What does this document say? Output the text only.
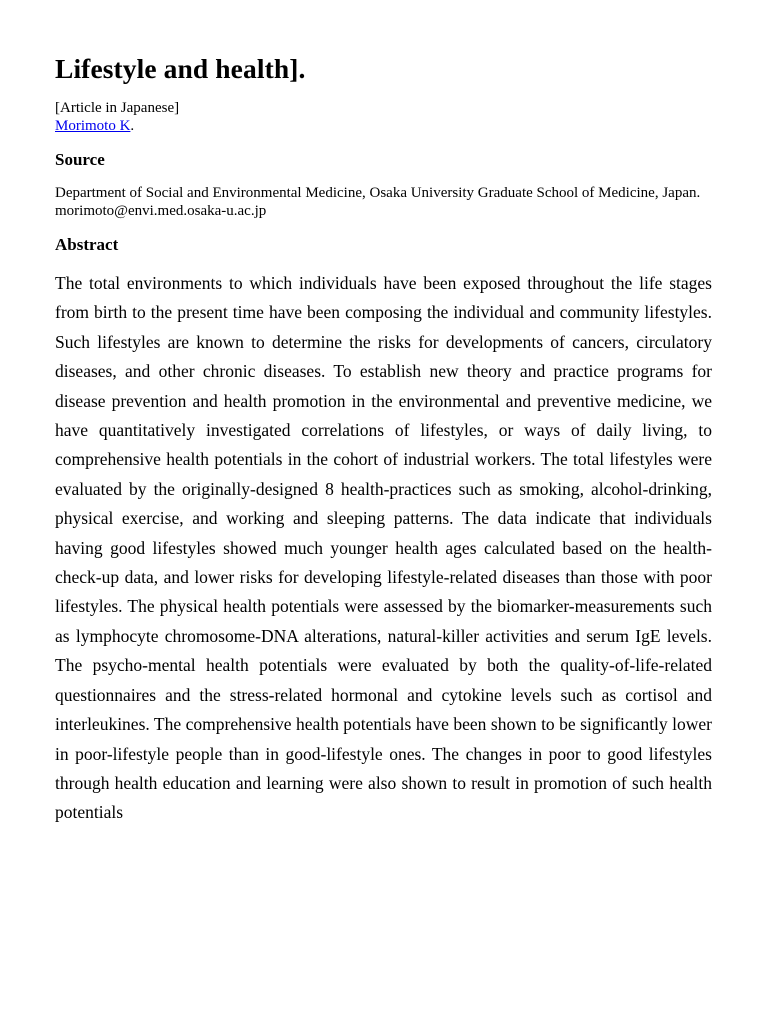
Lifestyle and health].
[Article in Japanese]
Morimoto K.
Source
Department of Social and Environmental Medicine, Osaka University Graduate School of Medicine, Japan. morimoto@envi.med.osaka-u.ac.jp
Abstract

The total environments to which individuals have been exposed throughout the life stages from birth to the present time have been composing the individual and community lifestyles. Such lifestyles are known to determine the risks for developments of cancers, circulatory diseases, and other chronic diseases. To establish new theory and practice programs for disease prevention and health promotion in the environmental and preventive medicine, we have quantitatively investigated correlations of lifestyles, or ways of daily living, to comprehensive health potentials in the cohort of industrial workers. The total lifestyles were evaluated by the originally-designed 8 health-practices such as smoking, alcohol-drinking, physical exercise, and working and sleeping patterns. The data indicate that individuals having good lifestyles showed much younger health ages calculated based on the health-check-up data, and lower risks for developing lifestyle-related diseases than those with poor lifestyles. The physical health potentials were assessed by the biomarker-measurements such as lymphocyte chromosome-DNA alterations, natural-killer activities and serum IgE levels. The psycho-mental health potentials were evaluated by both the quality-of-life-related questionnaires and the stress-related hormonal and cytokine levels such as cortisol and interleukines. The comprehensive health potentials have been shown to be significantly lower in poor-lifestyle people than in good-lifestyle ones. The changes in poor to good lifestyles through health education and learning were also shown to result in promotion of such health potentials
